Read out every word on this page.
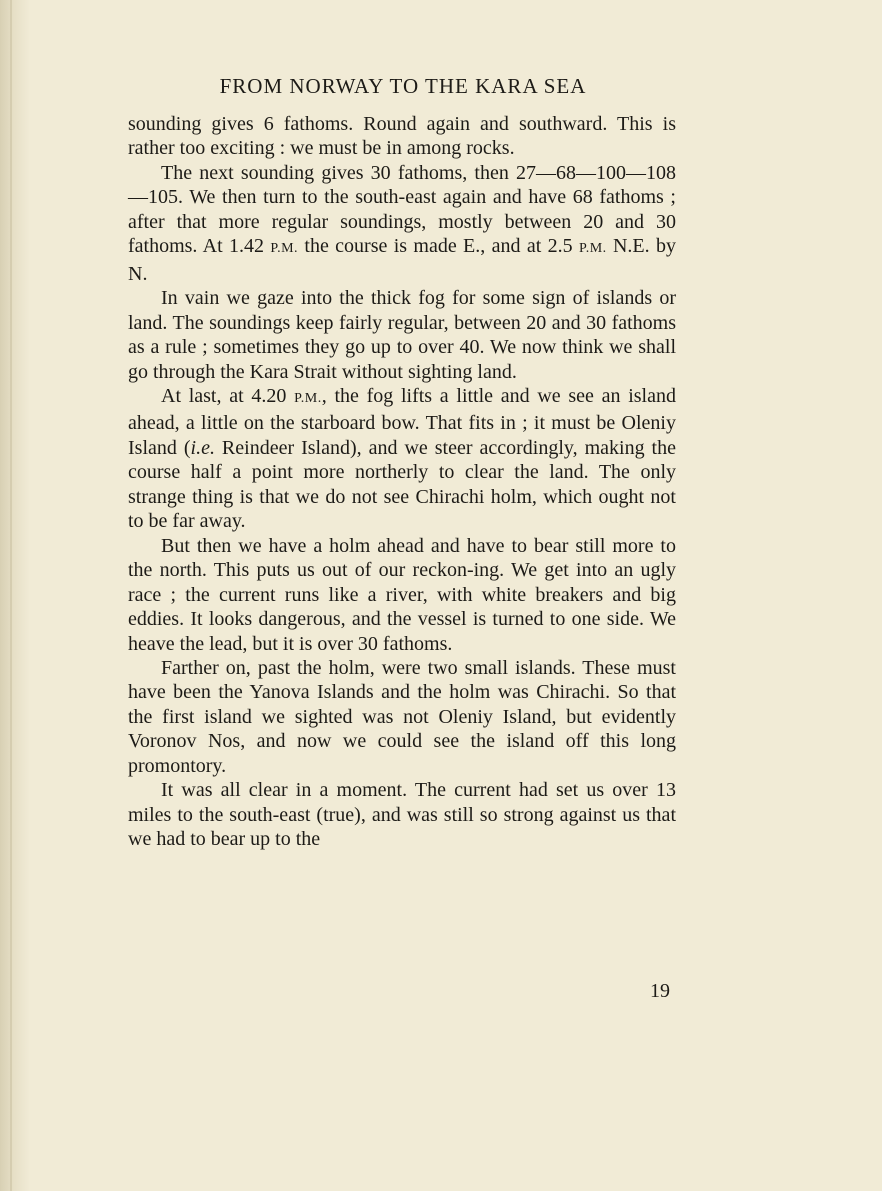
FROM NORWAY TO THE KARA SEA

sounding gives 6 fathoms. Round again and southward. This is rather too exciting : we must be in among rocks.

The next sounding gives 30 fathoms, then 27—68—100—108—105. We then turn to the south-east again and have 68 fathoms ; after that more regular soundings, mostly between 20 and 30 fathoms. At 1.42 P.M. the course is made E., and at 2.5 P.M. N.E. by N.

In vain we gaze into the thick fog for some sign of islands or land. The soundings keep fairly regular, between 20 and 30 fathoms as a rule ; sometimes they go up to over 40. We now think we shall go through the Kara Strait without sighting land.

At last, at 4.20 P.M., the fog lifts a little and we see an island ahead, a little on the starboard bow. That fits in ; it must be Oleniy Island (i.e. Reindeer Island), and we steer accordingly, making the course half a point more northerly to clear the land. The only strange thing is that we do not see Chirachi holm, which ought not to be far away.

But then we have a holm ahead and have to bear still more to the north. This puts us out of our reckon-ing. We get into an ugly race ; the current runs like a river, with white breakers and big eddies. It looks dangerous, and the vessel is turned to one side. We heave the lead, but it is over 30 fathoms.

Farther on, past the holm, were two small islands. These must have been the Yanova Islands and the holm was Chirachi. So that the first island we sighted was not Oleniy Island, but evidently Voronov Nos, and now we could see the island off this long promontory.

It was all clear in a moment. The current had set us over 13 miles to the south-east (true), and was still so strong against us that we had to bear up to the

19
